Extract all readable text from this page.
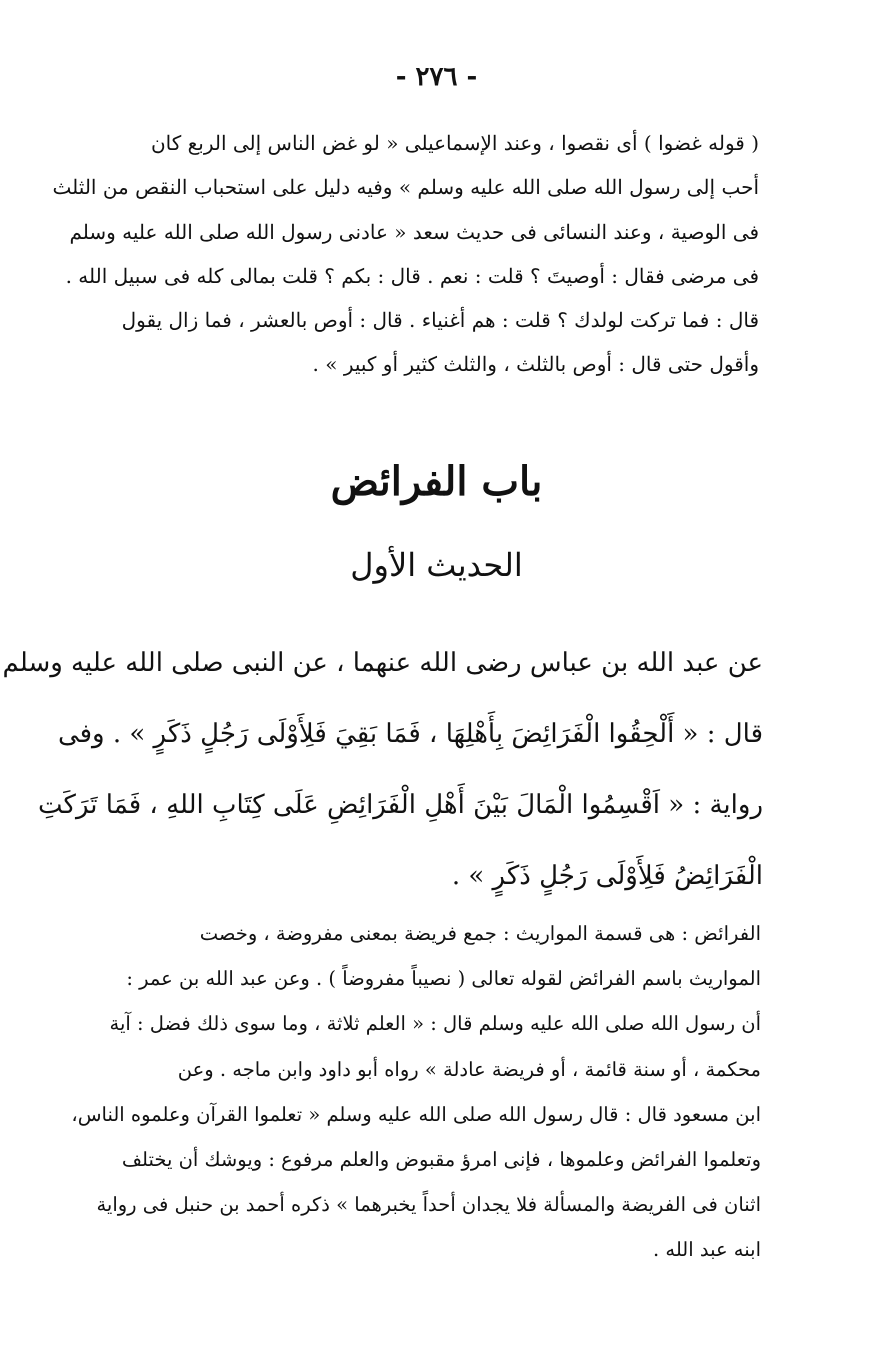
- ٢٧٦ -

( قوله غضوا ) أى نقصوا ، وعند الإسماعيلى « لو غض الناس إلى الربع كان

أحب إلى رسول الله صلى الله عليه وسلم » وفيه دليل على استحباب النقص من الثلث

فى الوصية ، وعند النسائى فى حديث سعد « عادنى رسول الله صلى الله عليه وسلم

فى مرضى فقال : أوصيتَ ؟ قلت : نعم . قال : بكم ؟ قلت بمالى كله فى سبيل الله .

قال : فما تركت لولدك ؟ قلت : هم أغنياء . قال : أوص بالعشر ، فما زال يقول

وأقول حتى قال : أوص بالثلث ، والثلث كثير أو كبير » .

باب الفرائض
الحديث الأول

عن عبد الله بن عباس رضى الله عنهما ، عن النبى صلى الله عليه وسلم

قال : « أَلْحِقُوا الْفَرَائِضَ بِأَهْلِهَا ، فَمَا بَقِيَ فَلِأَوْلَى رَجُلٍ ذَكَرٍ » . وفى

رواية : « اَقْسِمُوا الْمَالَ بَيْنَ أَهْلِ الْفَرَائِضِ عَلَى كِتَابِ اللهِ ، فَمَا تَرَكَتِ

الْفَرَائِضُ فَلِأَوْلَى رَجُلٍ ذَكَرٍ » .

الفرائض : هى قسمة المواريث : جمع فريضة بمعنى مفروضة ، وخصت

المواريث باسم الفرائض لقوله تعالى ( نصيباً مفروضاً ) . وعن عبد الله بن عمر :

أن رسول الله صلى الله عليه وسلم قال : « العلم ثلاثة ، وما سوى ذلك فضل : آية

محكمة ، أو سنة قائمة ، أو فريضة عادلة » رواه أبو داود وابن ماجه . وعن

ابن مسعود قال : قال رسول الله صلى الله عليه وسلم « تعلموا القرآن وعلموه الناس،

وتعلموا الفرائض وعلموها ، فإنى امرؤ مقبوض والعلم مرفوع : ويوشك أن يختلف

اثنان فى الفريضة والمسألة فلا يجدان أحداً يخبرهما » ذكره أحمد بن حنبل فى رواية

ابنه عبد الله .
